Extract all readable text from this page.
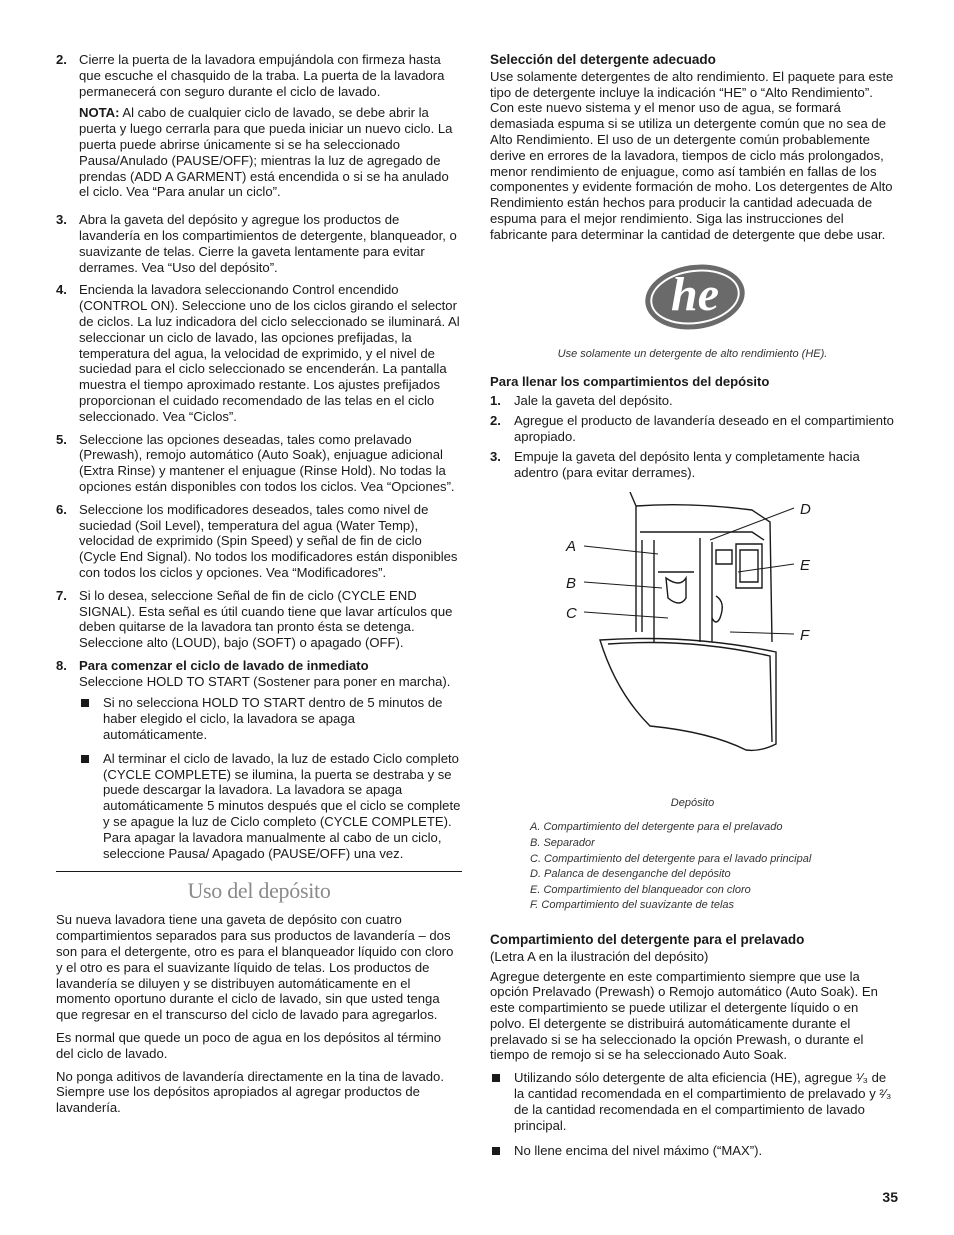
2. Cierre la puerta de la lavadora empujándola con firmeza hasta que escuche el chasquido de la traba. La puerta de la lavadora permanecerá con seguro durante el ciclo de lavado.
NOTA: Al cabo de cualquier ciclo de lavado, se debe abrir la puerta y luego cerrarla para que pueda iniciar un nuevo ciclo. La puerta puede abrirse únicamente si se ha seleccionado Pausa/Anulado (PAUSE/OFF); mientras la luz de agregado de prendas (ADD A GARMENT) está encendida o si se ha anulado el ciclo. Vea “Para anular un ciclo”.
3. Abra la gaveta del depósito y agregue los productos de lavandería en los compartimientos de detergente, blanqueador, o suavizante de telas. Cierre la gaveta lentamente para evitar derrames. Vea “Uso del depósito”.
4. Encienda la lavadora seleccionando Control encendido (CONTROL ON). Seleccione uno de los ciclos girando el selector de ciclos. La luz indicadora del ciclo seleccionado se iluminará. Al seleccionar un ciclo de lavado, las opciones prefijadas, la temperatura del agua, la velocidad de exprimido, y el nivel de suciedad para el ciclo seleccionado se encenderán. La pantalla muestra el tiempo aproximado restante. Los ajustes prefijados proporcionan el cuidado recomendado de las telas en el ciclo seleccionado. Vea “Ciclos”.
5. Seleccione las opciones deseadas, tales como prelavado (Prewash), remojo automático (Auto Soak), enjuague adicional (Extra Rinse) y mantener el enjuague (Rinse Hold). No todas la opciones están disponibles con todos los ciclos. Vea “Opciones”.
6. Seleccione los modificadores deseados, tales como nivel de suciedad (Soil Level), temperatura del agua (Water Temp), velocidad de exprimido (Spin Speed) y señal de fin de ciclo (Cycle End Signal). No todos los modificadores están disponibles con todos los ciclos y opciones. Vea “Modificadores”.
7. Si lo desea, seleccione Señal de fin de ciclo (CYCLE END SIGNAL). Esta señal es útil cuando tiene que lavar artículos que deben quitarse de la lavadora tan pronto ésta se detenga. Seleccione alto (LOUD), bajo (SOFT) o apagado (OFF).
8. Para comenzar el ciclo de lavado de inmediato
Seleccione HOLD TO START (Sostener para poner en marcha).
Si no selecciona HOLD TO START dentro de 5 minutos de haber elegido el ciclo, la lavadora se apaga automáticamente.
Al terminar el ciclo de lavado, la luz de estado Ciclo completo (CYCLE COMPLETE) se ilumina, la puerta se destraba y se puede descargar la lavadora. La lavadora se apaga automáticamente 5 minutos después que el ciclo se complete y se apague la luz de Ciclo completo (CYCLE COMPLETE). Para apagar la lavadora manualmente al cabo de un ciclo, seleccione Pausa/ Apagado (PAUSE/OFF) una vez.
Uso del depósito

Su nueva lavadora tiene una gaveta de depósito con cuatro compartimientos separados para sus productos de lavandería – dos son para el detergente, otro es para el blanqueador líquido con cloro y el otro es para el suavizante líquido de telas. Los productos de lavandería se diluyen y se distribuyen automáticamente en el momento oportuno durante el ciclo de lavado, sin que usted tenga que regresar en el transcurso del ciclo de lavado para agregarlos.

Es normal que quede un poco de agua en los depósitos al término del ciclo de lavado.

No ponga aditivos de lavandería directamente en la tina de lavado. Siempre use los depósitos apropiados al agregar productos de lavandería.

Selección del detergente adecuado

Use solamente detergentes de alto rendimiento. El paquete para este tipo de detergente incluye la indicación “HE” o “Alto Rendimiento”. Con este nuevo sistema y el menor uso de agua, se formará demasiada espuma si se utiliza un detergente común que no sea de Alto Rendimiento. El uso de un detergente común probablemente derive en errores de la lavadora, tiempos de ciclo más prolongados, menor rendimiento de enjuague, como así también en fallas de los componentes y evidente formación de moho. Los detergentes de Alto Rendimiento están hechos para producir la cantidad adecuada de espuma para el mejor rendimiento. Siga las instrucciones del fabricante para determinar la cantidad de detergente que debe usar.

he
Use solamente un detergente de alto rendimiento (HE).
Para llenar los compartimientos del depósito
1. Jale la gaveta del depósito.
2. Agregue el producto de lavandería deseado en el compartimiento apropiado.
3. Empuje la gaveta del depósito lenta y completamente hacia adentro (para evitar derrames).
A
B
C
D
E
F
Depósito
A. Compartimiento del detergente para el prelavado
B. Separador
C. Compartimiento del detergente para el lavado principal
D. Palanca de desenganche del depósito
E. Compartimiento del blanqueador con cloro
F. Compartimiento del suavizante de telas
Compartimiento del detergente para el prelavado
(Letra A en la ilustración del depósito)

Agregue detergente en este compartimiento siempre que use la opción Prelavado (Prewash) o Remojo automático (Auto Soak). En este compartimiento se puede utilizar el detergente líquido o en polvo. El detergente se distribuirá automáticamente durante el prelavado si se ha seleccionado la opción Prewash, o durante el tiempo de remojo si se ha seleccionado Auto Soak.

Utilizando sólo detergente de alta eficiencia (HE), agregue ¹⁄₃ de la cantidad recomendada en el compartimiento de prelavado y ²⁄₃ de la cantidad recomendada en el compartimiento de lavado principal.
No llene encima del nivel máximo (“MAX”).
35
